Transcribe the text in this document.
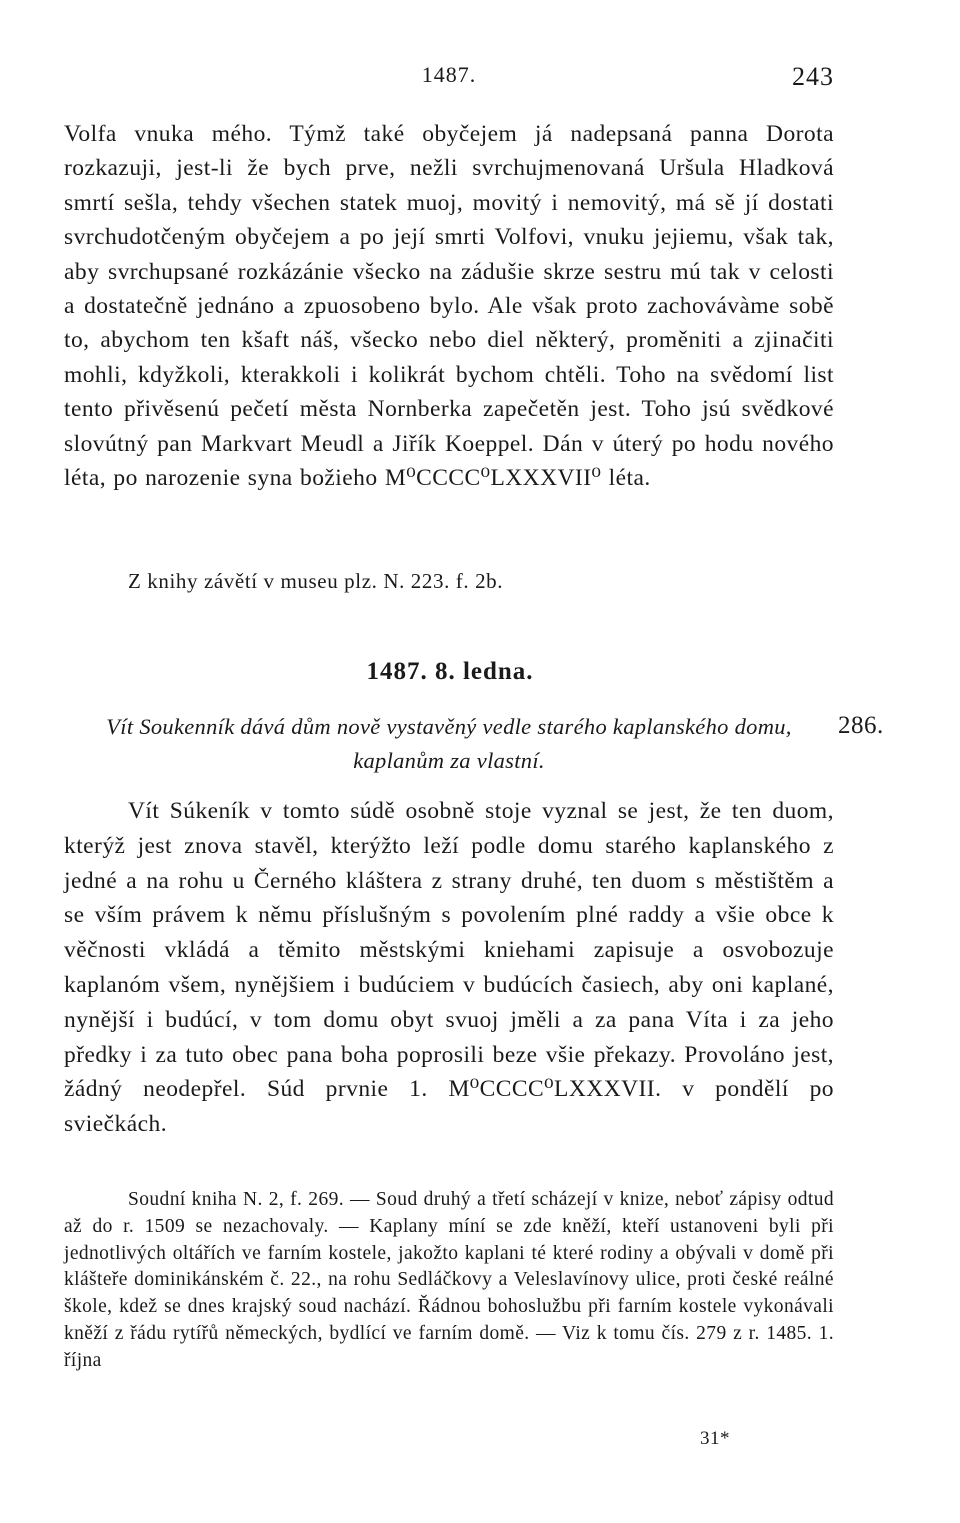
1487.	243

Volfa vnuka mého. Týmž také obyčejem já nadepsaná panna Dorota rozkazuji, jest-li že bych prve, nežli svrchujmenovaná Uršula Hladková smrtí sešla, tehdy všechen statek muoj, movitý i nemovitý, má sě jí dostati svrchudotčeným obyčejem a po její smrti Volfovi, vnuku jejiemu, však tak, aby svrchupsané rozkázánie všecko na zádušie skrze sestru mú tak v celosti a dostatečně jednáno a zpuosobeno bylo. Ale však proto zachovávàme sobě to, abychom ten kšaft náš, všecko nebo diel některý, proměniti a zjinačiti mohli, kdyžkoli, kterakkoli i kolikrát bychom chtěli. Toho na svědomí list tento přivěsenú pečetí města Nornberka zapečetěn jest. Toho jsú svědkové slovútný pan Markvart Meudl a Jiřík Koeppel. Dán v úterý po hodu nového léta, po narozenie syna božieho M⁰CCCC⁰LXXXVII⁰ léta.

Z knihy závětí v museu plz. N. 223. f. 2b.

1487. 8. ledna.

Vít Soukenník dává dům nově vystavěný vedle starého kaplanského domu, kaplanům za vlastní.

286.

Vít Súkeník v tomto súdě osobně stoje vyznal se jest, že ten duom, kterýž jest znova stavěl, kterýžto leží podle domu starého kaplanského z jedné a na rohu u Černého kláštera z strany druhé, ten duom s městištěm a se vším právem k němu příslušným s povolením plné raddy a všie obce k věčnosti vkládá a těmito městskými kniehami zapisuje a osvobozuje kaplanóm všem, nynějšiem i budúciem v budúcích časiech, aby oni kaplané, nynější i budúcí, v tom domu obyt svuoj jměli a za pana Víta i za jeho předky i za tuto obec pana boha poprosili beze všie překazy. Provoláno jest, žádný neodepřel. Súd prvnie 1. M⁰CCCC⁰LXXXVII. v pondělí po sviečkách.

Soudní kniha N. 2, f. 269. — Soud druhý a třetí scházejí v knize, neboť zápisy odtud až do r. 1509 se nezachovaly. — Kaplany míní se zde kněží, kteří ustanoveni byli při jednotlivých oltářích ve farním kostele, jakožto kaplani té které rodiny a obývali v domě při klášteře dominikánském č. 22., na rohu Sedláčkovy a Veleslavínovy ulice, proti české reálné škole, kdež se dnes krajský soud nachází. Řádnou bohoslužbu při farním kostele vykonávali kněží z řádu rytířů německých, bydlící ve farním domě. — Viz k tomu čís. 279 z r. 1485. 1. října

31*
